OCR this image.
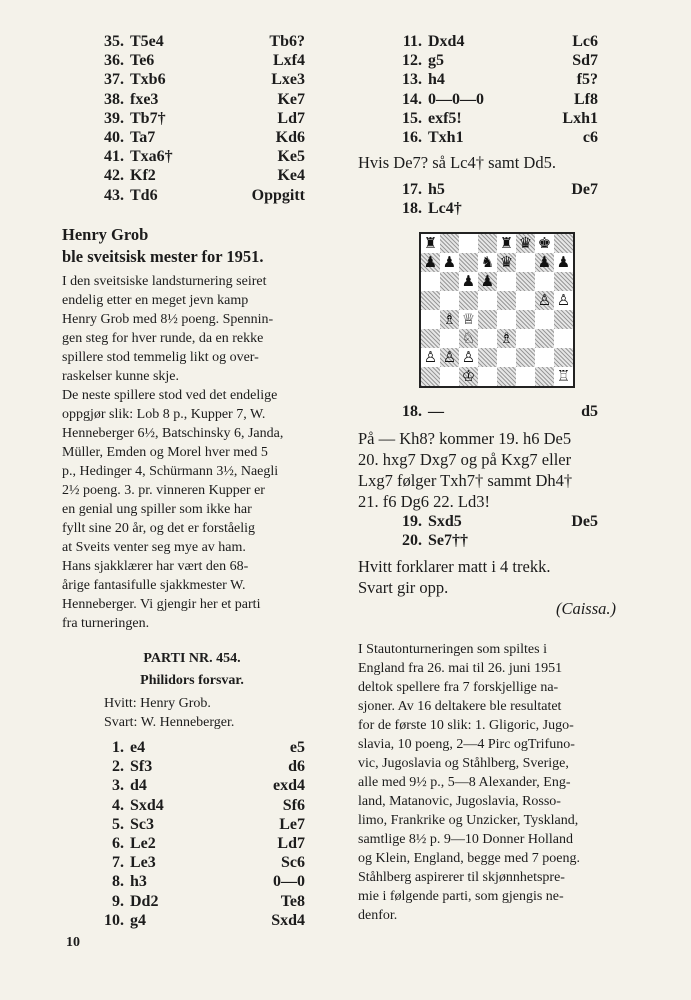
35. T5e4	Tb6?
36. Te6	Lxf4
37. Txb6	Lxe3
38. fxe3	Ke7
39. Tb7†	Ld7
40. Ta7	Kd6
41. Txa6†	Ke5
42. Kf2	Ke4
43. Td6	Oppgitt

Henry Grob

ble sveitsisk mester for 1951.

I den sveitsiske landsturnering seiret

endelig etter en meget jevn kamp

Henry Grob med 8½ poeng. Spennin-

gen steg for hver runde, da en rekke

spillere stod temmelig likt og over-

raskelser kunne skje.

De neste spillere stod ved det endelige

oppgjør slik: Lob 8 p., Kupper 7, W.

Henneberger 6½, Batschinsky 6, Janda,

Müller, Emden og Morel hver med 5

p., Hedinger 4, Schürmann 3½, Naegli

2½ poeng. 3. pr. vinneren Kupper er

en genial ung spiller som ikke har

fyllt sine 20 år, og det er forståelig

at Sveits venter seg mye av ham.

Hans sjakklærer har vært den 68-

årige fantasifulle sjakkmester W.

Henneberger. Vi gjengir her et parti

fra turneringen.

PARTI NR. 454.

Philidors forsvar.

Hvitt: Henry Grob.

Svart: W. Henneberger.

1. e4	e5
2. Sf3	d6
3. d4	exd4
4. Sxd4	Sf6
5. Sc3	Le7
6. Le2	Ld7
7. Le3	Sc6
8. h3	0—0
9. Dd2	Te8
10. g4	Sxd4
11. Dxd4	Lc6
12. g5	Sd7
13. h4	f5?
14. 0—0—0	Lf8
15. exf5!	Lxh1
16. Txh1	c6

Hvis De7? så Lc4† samt Dd5.

17. h5	De7
18. Lc4†
18. —	d5

På — Kh8? kommer 19. h6 De5

20. hxg7 Dxg7 og på Kxg7 eller

Lxg7 følger Txh7† sammt Dh4†

21. f6 Dg6 22. Ld3!

19. Sxd5	De5
20. Se7††

Hvitt forklarer matt i 4 trekk.

Svart gir opp.

(Caissa.)

I Stautonturneringen som spiltes i

England fra 26. mai til 26. juni 1951

deltok spellere fra 7 forskjellige na-

sjoner. Av 16 deltakere ble resultatet

for de første 10 slik: 1. Gligoric, Jugo-

slavia, 10 poeng, 2—4 Pirc ogTrifuno-

vic, Jugoslavia og Ståhlberg, Sverige,

alle med 9½ p., 5—8 Alexander, Eng-

land, Matanovic, Jugoslavia, Rosso-

limo, Frankrike og Unzicker, Tyskland,

samtlige 8½ p. 9—10 Donner Holland

og Klein, England, begge med 7 poeng.

Ståhlberg aspirerer til skjønnhetspre-

mie i følgende parti, som gjengis ne-

denfor.

♜	♜ ♛ ♚
♟ ♟ ♞ ♛ ♟ ♟
♟ ♟
♙ ♙
♗ ♕
♘ ♗
♙ ♙ ♙
♔	♖
10
